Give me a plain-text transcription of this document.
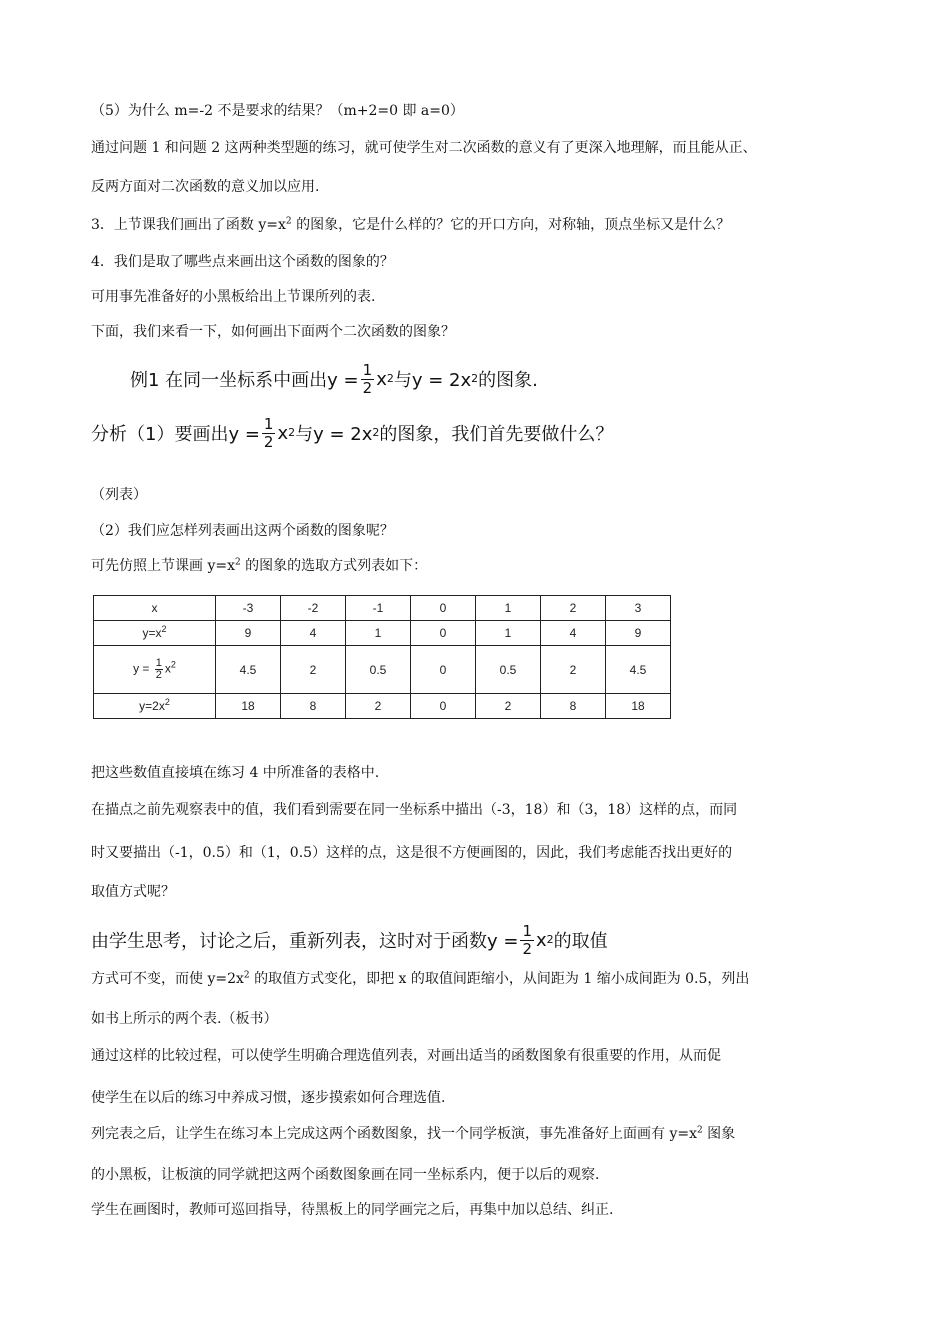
（5）为什么 m=-2 不是要求的结果？（m+2=0 即 a=0）
通过问题 1 和问题 2 这两种类型题的练习，就可使学生对二次函数的意义有了更深入地理解，而且能从正、
反两方面对二次函数的意义加以应用.
3．上节课我们画出了函数 $y=x^2$ 的图象，它是什么样的？它的开口方向，对称轴，顶点坐标又是什么？
4．我们是取了哪些点来画出这个函数的图象的？
可用事先准备好的小黑板给出上节课所列的表.
下面，我们来看一下，如何画出下面两个二次函数的图象？
例1 在同一坐标系中画出$y = \frac{1}{2}$ x 2 与y = 2x 2 的图象.
分析（1）要画出$y = \frac{1}{2}$ x 2 与y = 2x 2 的图象，我们首先要做什么？
（列表）
（2）我们应怎样列表画出这两个函数的图象呢？
可先仿照上节课画 $y=x^2$ 的图象的选取方式列表如下：
x	-3	-2	-1	0	1	2	3
$y=x^2$	9	4	1	0	1	4	9
$y = \frac{1}{2} x^2$	4.5	2	0.5	0	0.5	2	4.5
$y=2x^2$	18	8	2	0	2	8	18
把这些数值直接填在练习 4 中所准备的表格中.
在描点之前先观察表中的值，我们看到需要在同一坐标系中描出（-3，18）和（3，18）这样的点，而同
时又要描出（-1，0.5）和（1，0.5）这样的点，这是很不方便画图的，因此，我们考虑能否找出更好的
取值方式呢？
由学生思考，讨论之后，重新列表，这时对于函数$y = \frac{1}{2}$ x 2 的取值
方式可不变，而使 $y=2x^2$ 的取值方式变化，即把 x 的取值间距缩小，从间距为 1 缩小成间距为 0.5，列出
如书上所示的两个表.（板书）
通过这样的比较过程，可以使学生明确合理选值列表，对画出适当的函数图象有很重要的作用，从而促
使学生在以后的练习中养成习惯，逐步摸索如何合理选值.
列完表之后，让学生在练习本上完成这两个函数图象，找一个同学板演，事先准备好上面画有 $y=x^2$ 图象
的小黑板，让板演的同学就把这两个函数图象画在同一坐标系内，便于以后的观察.
学生在画图时，教师可巡回指导，待黑板上的同学画完之后，再集中加以总结、纠正.
